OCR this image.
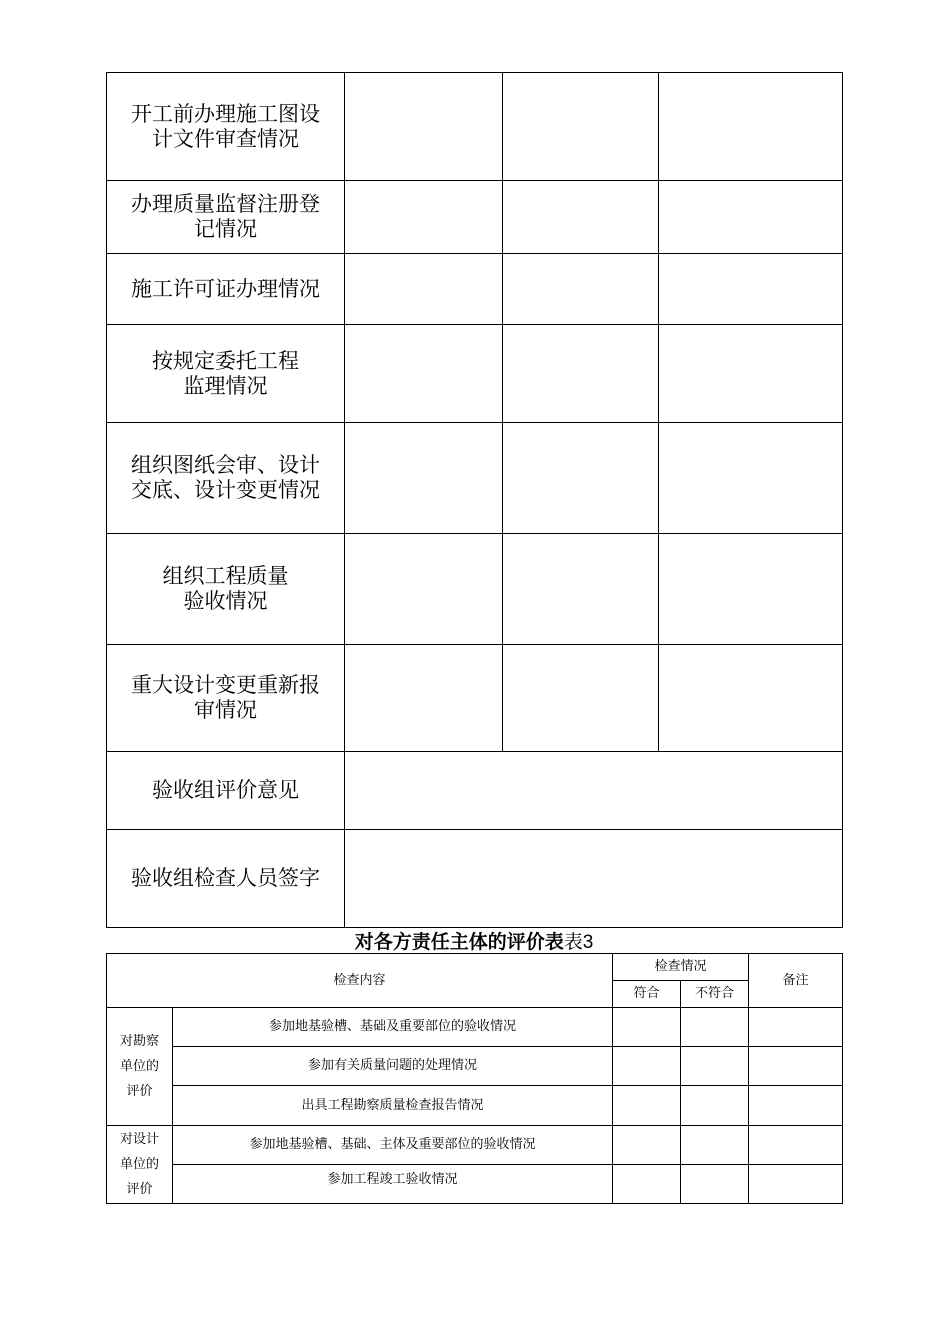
开工前办理施工图设计文件审查情况			
办理质量监督注册登记情况			
施工许可证办理情况			
按规定委托工程监理情况			
组织图纸会审、设计交底、设计变更情况			
组织工程质量验收情况			
重大设计变更重新报审情况			
验收组评价意见			
验收组检查人员签字			
对各方责任主体的评价表表3
检查内容		检查情况		备注
		符合	不符合	
对勘察单位的评价	参加地基验槽、基础及重要部位的验收情况			
	参加有关质量问题的处理情况			
	出具工程勘察质量检查报告情况			
对设计单位的评价	参加地基验槽、基础、主体及重要部位的验收情况			
	参加工程竣工验收情况			
